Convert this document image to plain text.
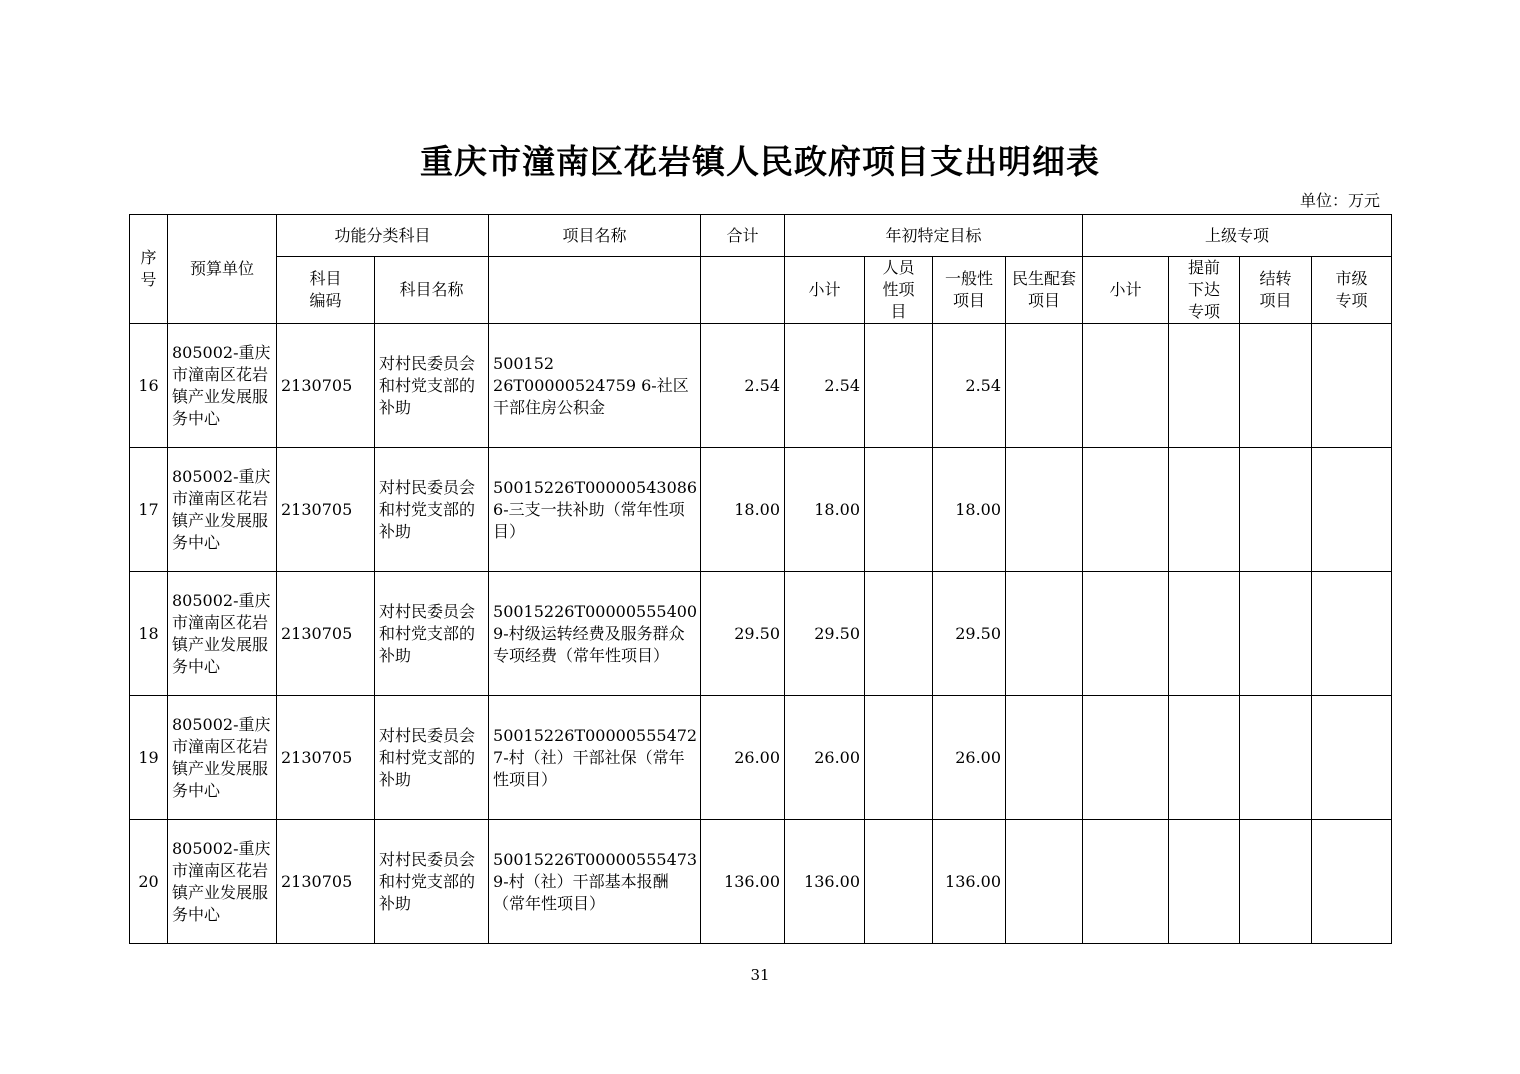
重庆市潼南区花岩镇人民政府项目支出明细表
单位：万元
序号	预算单位	功能分类科目		项目名称	合计	年初特定目标				上级专项			
		科目编码	科目名称			小计	人员性项目	一般性项目	民生配套项目	小计	提前下达专项	结转项目	市级专项
16	805002-重庆市潼南区花岩镇产业发展服务中心	2130705	对村民委员会和村党支部的补助	500152 26T00000524759 6-社区干部住房公积金	2.54	2.54		2.54					
17	805002-重庆市潼南区花岩镇产业发展服务中心	2130705	对村民委员会和村党支部的补助	50015226T00000543086 6-三支一扶补助（常年性项目）	18.00	18.00		18.00					
18	805002-重庆市潼南区花岩镇产业发展服务中心	2130705	对村民委员会和村党支部的补助	50015226T00000555400 9-村级运转经费及服务群众专项经费（常年性项目）	29.50	29.50		29.50					
19	805002-重庆市潼南区花岩镇产业发展服务中心	2130705	对村民委员会和村党支部的补助	50015226T00000555472 7-村（社）干部社保（常年性项目）	26.00	26.00		26.00					
20	805002-重庆市潼南区花岩镇产业发展服务中心	2130705	对村民委员会和村党支部的补助	50015226T00000555473 9-村（社）干部基本报酬（常年性项目）	136.00	136.00		136.00					
31
